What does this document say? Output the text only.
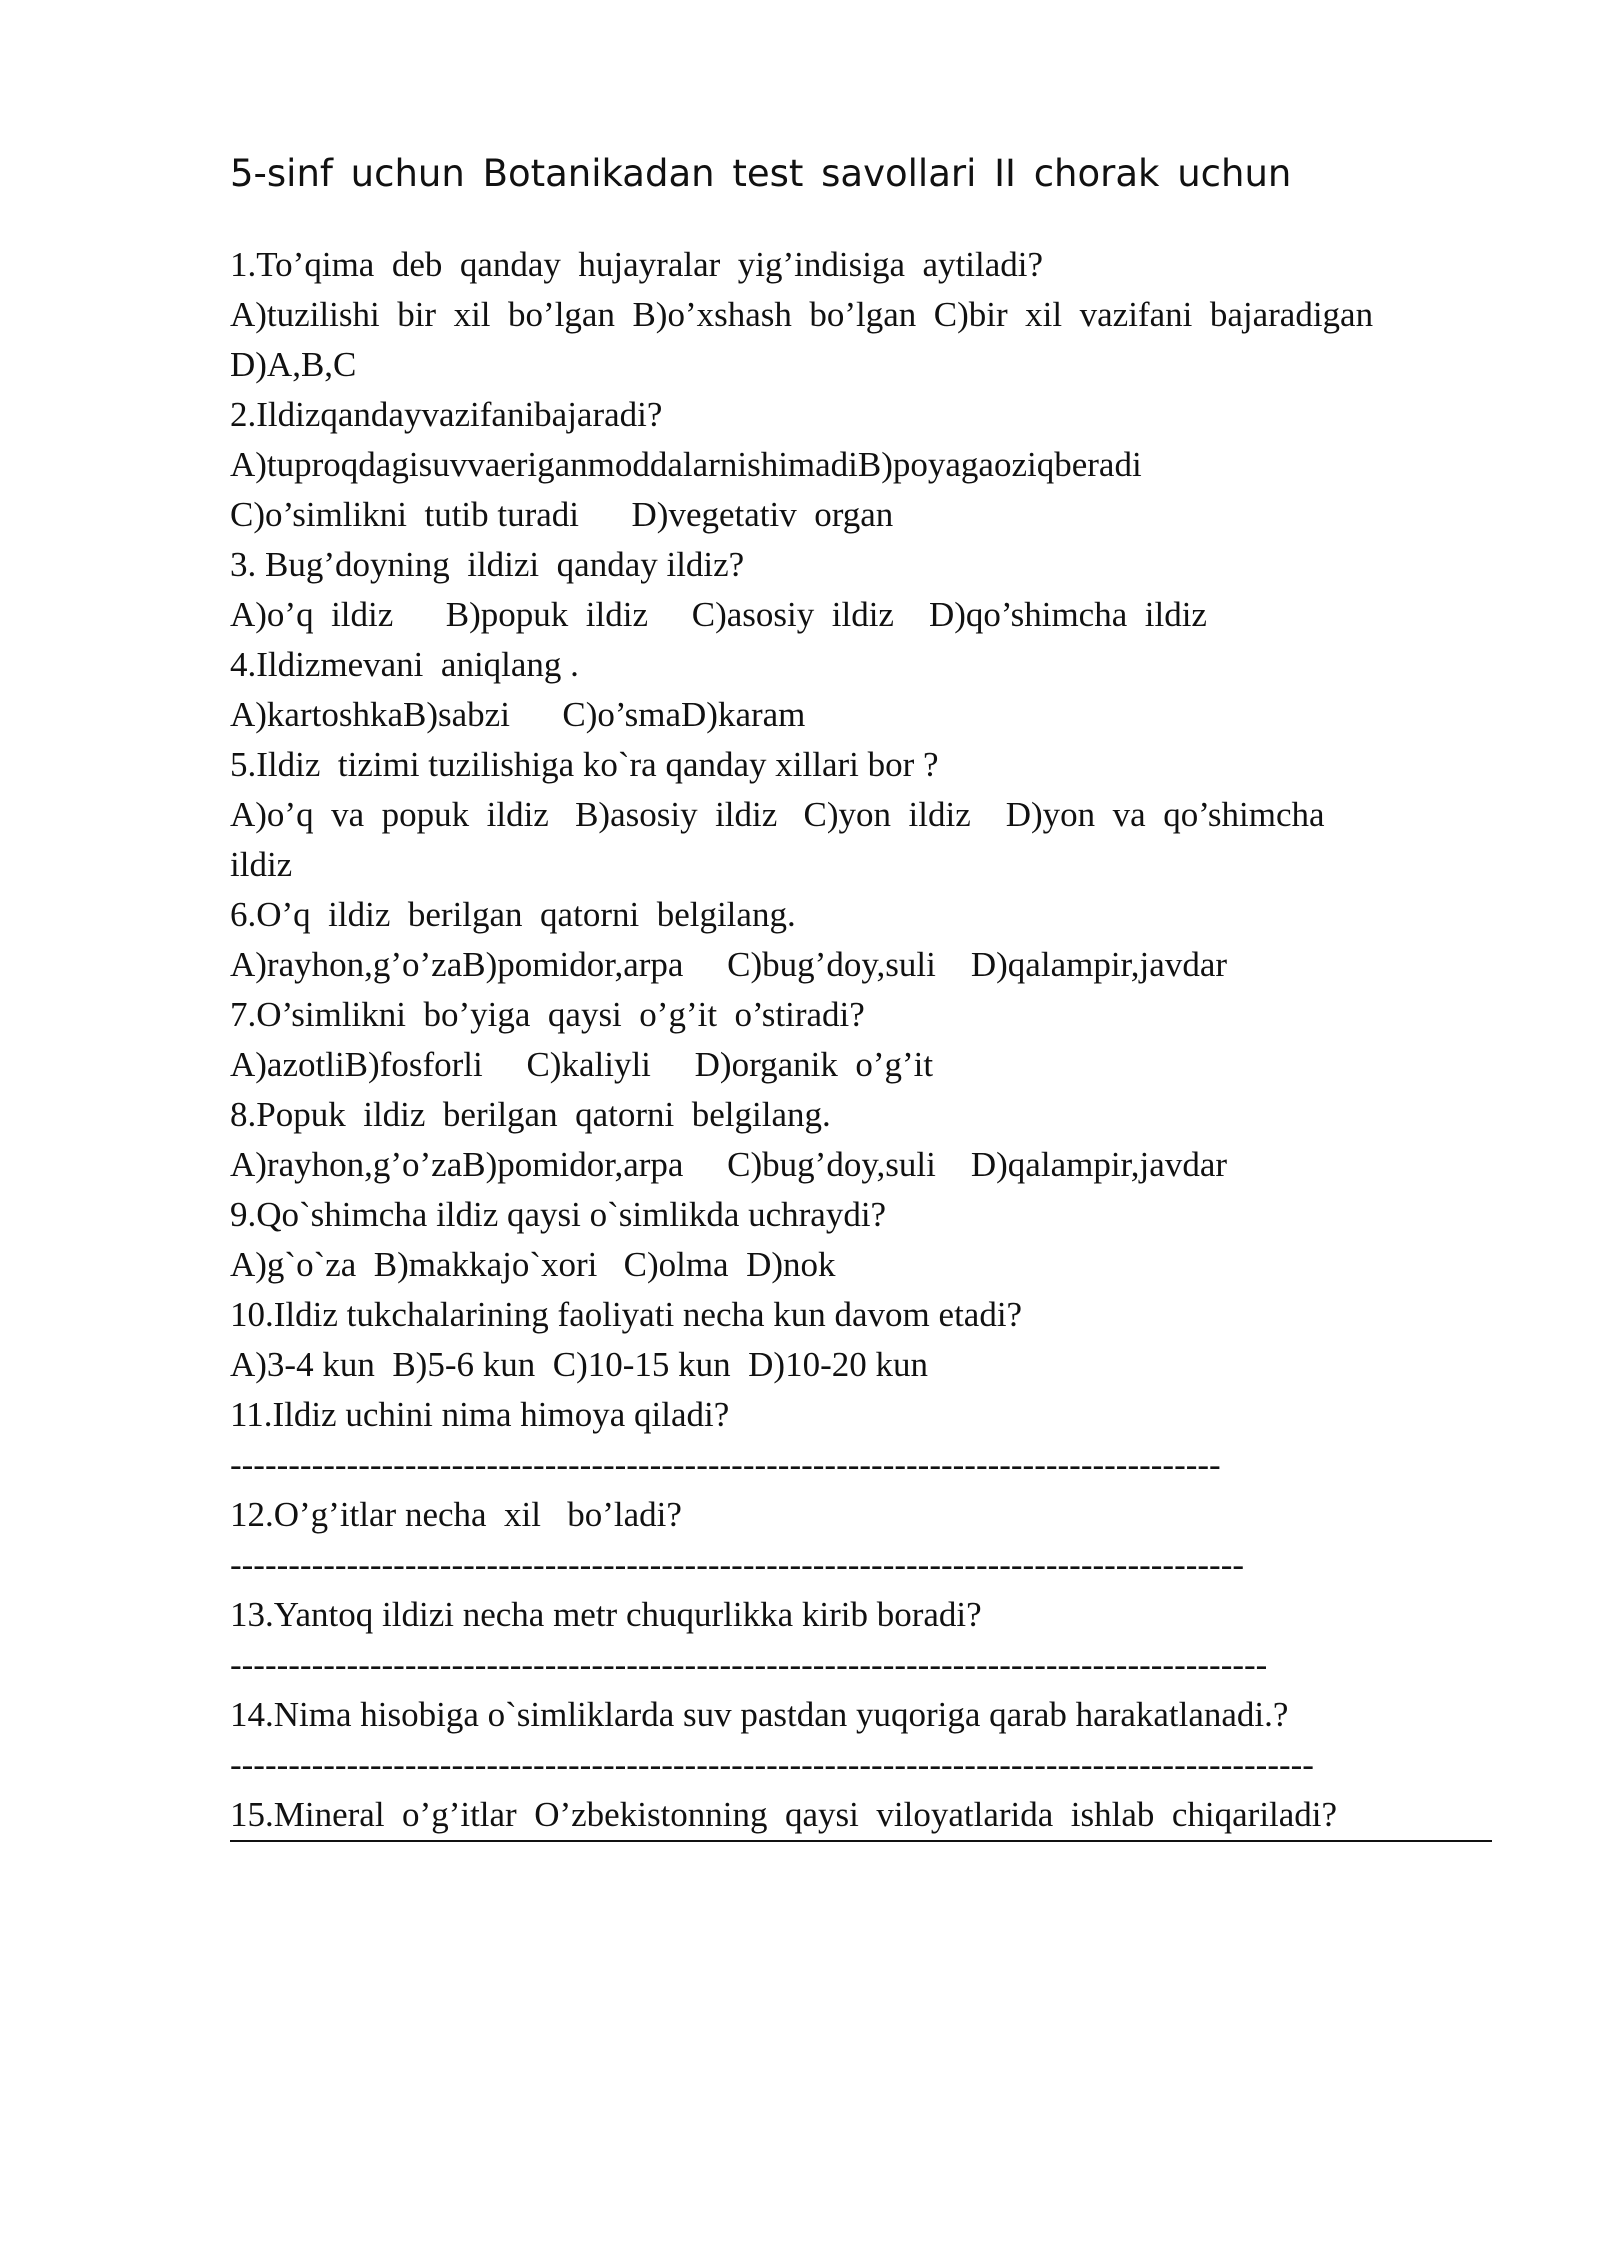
5-sinf uchun Botanikadan test savollari II chorak uchun
1.To’qima  deb  qanday  hujayralar  yig’indisiga  aytiladi?
A)tuzilishi  bir  xil  bo’lgan  B)o’xshash  bo’lgan  C)bir  xil  vazifani  bajaradigan
D)A,B,C
2.Ildizqandayvazifanibajaradi?
A)tuproqdagisuvvaeriganmoddalarnishimadiB)poyagaoziqberadi
C)o’simlikni  tutib turadi      D)vegetativ  organ
3. Bug’doyning  ildizi  qanday ildiz?
A)o’q  ildiz      B)popuk  ildiz     C)asosiy  ildiz    D)qo’shimcha  ildiz
4.Ildizmevani  aniqlang .
A)kartoshkaB)sabzi      C)o’smaD)karam
5.Ildiz  tizimi tuzilishiga ko`ra qanday xillari bor ?
A)o’q  va  popuk  ildiz   B)asosiy  ildiz   C)yon  ildiz    D)yon  va  qo’shimcha
ildiz
6.O’q  ildiz  berilgan  qatorni  belgilang.
A)rayhon,g’o’zaB)pomidor,arpa     C)bug’doy,suli    D)qalampir,javdar
7.O’simlikni  bo’yiga  qaysi  o’g’it  o’stiradi?
A)azotliB)fosforli     C)kaliyli     D)organik  o’g’it
8.Popuk  ildiz  berilgan  qatorni  belgilang.
A)rayhon,g’o’zaB)pomidor,arpa     C)bug’doy,suli    D)qalampir,javdar
9.Qo`shimcha ildiz qaysi o`simlikda uchraydi?
A)g`o`za  B)makkajo`xori   C)olma  D)nok
10.Ildiz tukchalarining faoliyati necha kun davom etadi?
A)3-4 kun  B)5-6 kun  C)10-15 kun  D)10-20 kun
11.Ildiz uchini nima himoya qiladi?
-------------------------------------------------------------------------------------
12.O’g’itlar necha  xil   bo’ladi?
---------------------------------------------------------------------------------------
13.Yantoq ildizi necha metr chuqurlikka kirib boradi?
-----------------------------------------------------------------------------------------
14.Nima hisobiga o`simliklarda suv pastdan yuqoriga qarab harakatlanadi.?
---------------------------------------------------------------------------------------------
15.Mineral  o’g’itlar  O’zbekistonning  qaysi  viloyatlarida  ishlab  chiqariladi?
